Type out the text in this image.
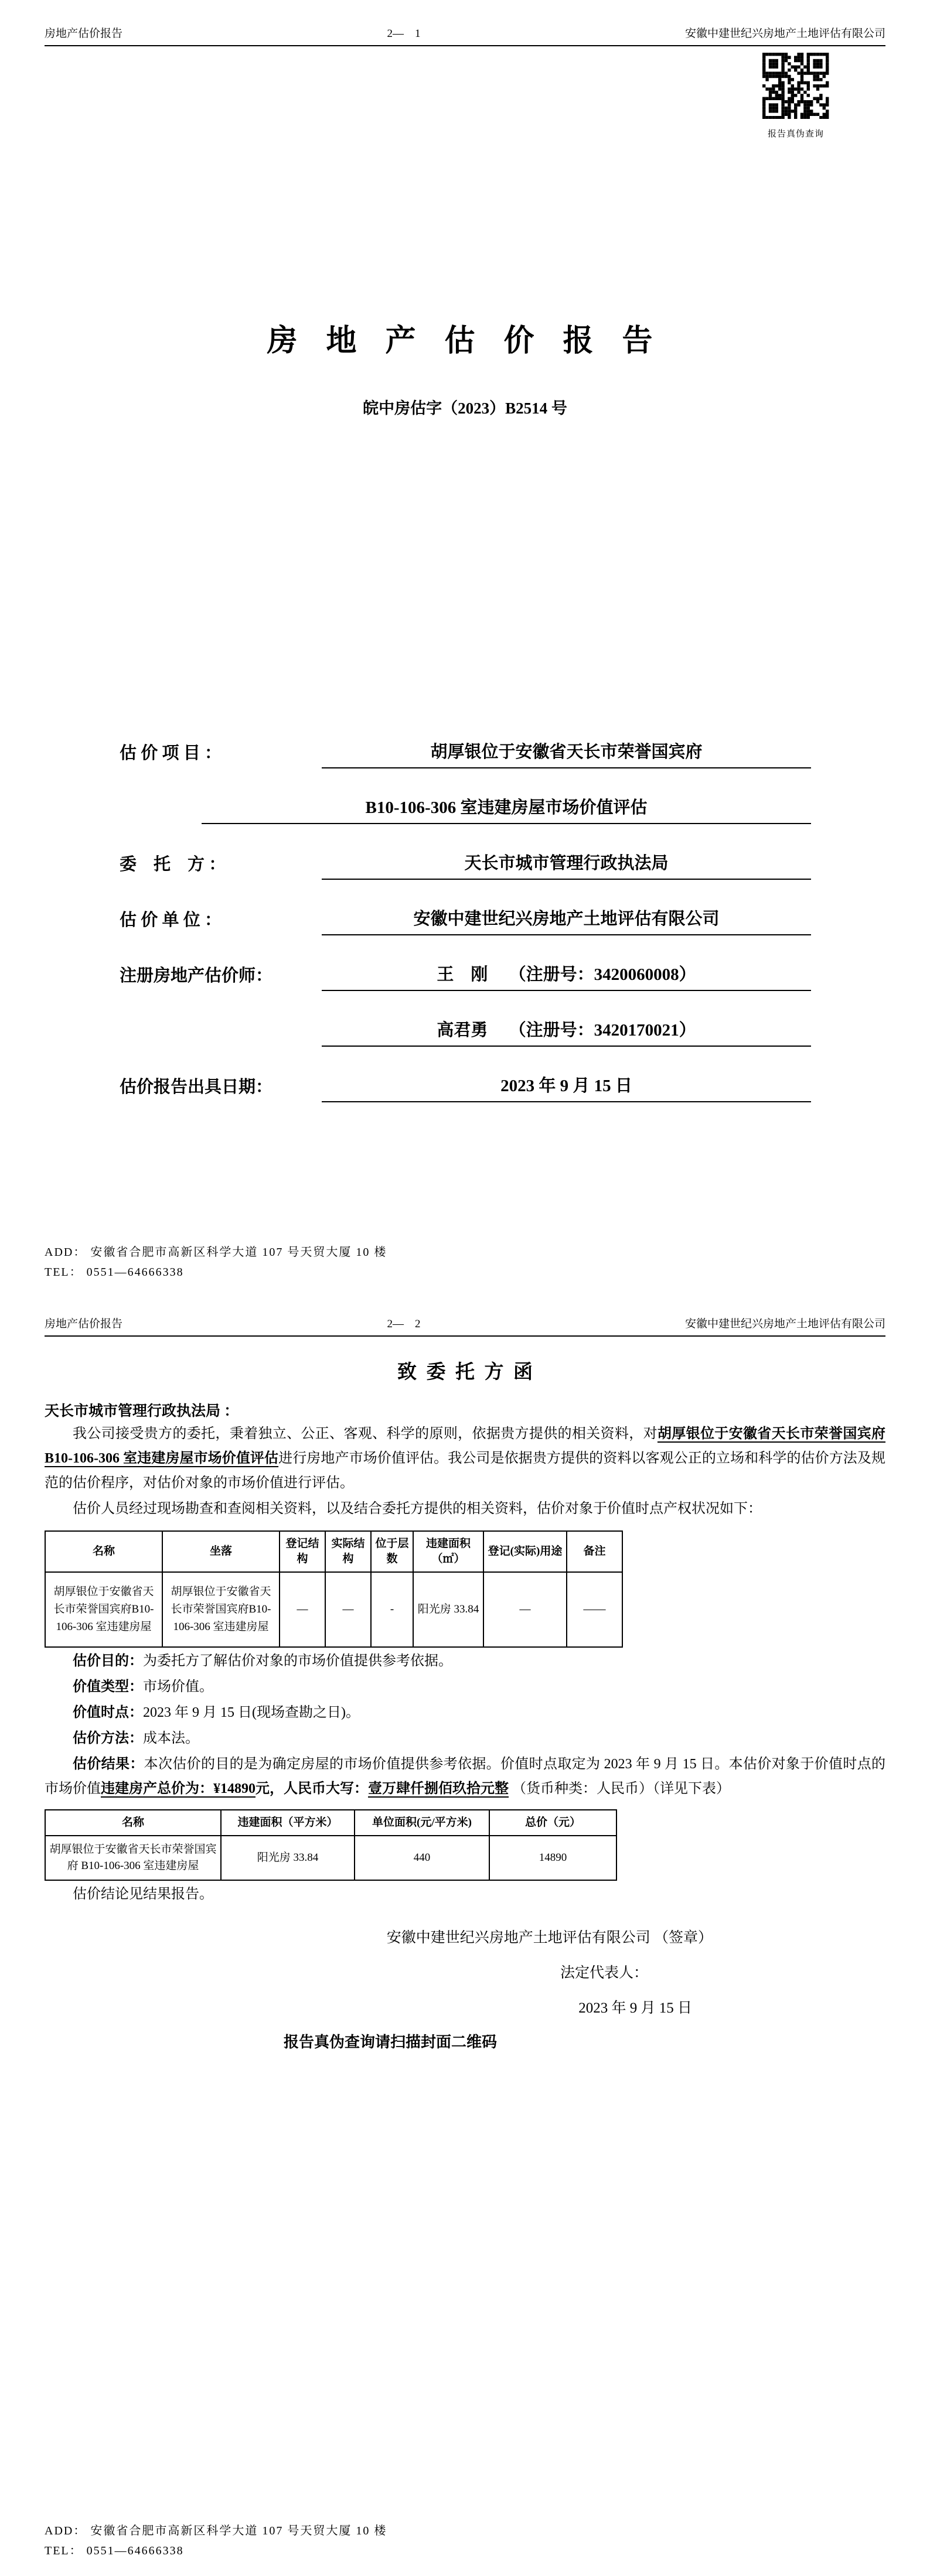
房地产估价报告	2—    1	安徽中建世纪兴房地产土地评估有限公司
报告真伪查询
房 地 产 估 价 报 告
皖中房估字（2023）B2514 号
估 价 项 目 ：	胡厚银位于安徽省天长市荣誉国宾府
B10-106-306 室违建房屋市场价值评估
委　托　方 ：	天长市城市管理行政执法局
估 价 单 位 ：	安徽中建世纪兴房地产土地评估有限公司
注册房地产估价师：	王　刚　 （注册号：3420060008）
高君勇　 （注册号：3420170021）
估价报告出具日期：	2023 年 9 月 15 日
ADD： 安徽省合肥市高新区科学大道 107 号天贸大厦 10 楼
TEL： 0551—64666338
房地产估价报告	2—    2	安徽中建世纪兴房地产土地评估有限公司
致  委  托  方  函
天长市城市管理行政执法局 ：

我公司接受贵方的委托，秉着独立、公正、客观、科学的原则，依据贵方提供的相关资料，对胡厚银位于安徽省天长市荣誉国宾府 B10-106-306 室违建房屋市场价值评估进行房地产市场价值评估。我公司是依据贵方提供的资料以客观公正的立场和科学的估价方法及规范的估价程序，对估价对象的市场价值进行评估。

估价人员经过现场勘查和查阅相关资料，以及结合委托方提供的相关资料，估价对象于价值时点产权状况如下：

名称	坐落	登记结构	实际结构	位于层数	违建面积（㎡）	登记(实际)用途	备注
胡厚银位于安徽省天长市荣誉国宾府B10-106-306 室违建房屋	胡厚银位于安徽省天长市荣誉国宾府B10-106-306 室违建房屋	—	—	-	阳光房 33.84	—	——

估价目的：为委托方了解估价对象的市场价值提供参考依据。

价值类型：市场价值。

价值时点：2023 年 9 月 15 日(现场查勘之日)。

估价方法：成本法。

估价结果：本次估价的目的是为确定房屋的市场价值提供参考依据。价值时点取定为 2023 年 9 月 15 日。本估价对象于价值时点的市场价值违建房产总价为：¥14890元，人民币大写：壹万肆仟捌佰玖拾元整 （货币种类：人民币）（详见下表）

名称	违建面积（平方米）	单位面积(元/平方米)	总价（元）
胡厚银位于安徽省天长市荣誉国宾府 B10-106-306 室违建房屋	阳光房 33.84	440	14890

估价结论见结果报告。

安徽中建世纪兴房地产土地评估有限公司 （签章）

法定代表人：

2023 年 9 月 15 日

报告真伪查询请扫描封面二维码
ADD： 安徽省合肥市高新区科学大道 107 号天贸大厦 10 楼
TEL： 0551—64666338
